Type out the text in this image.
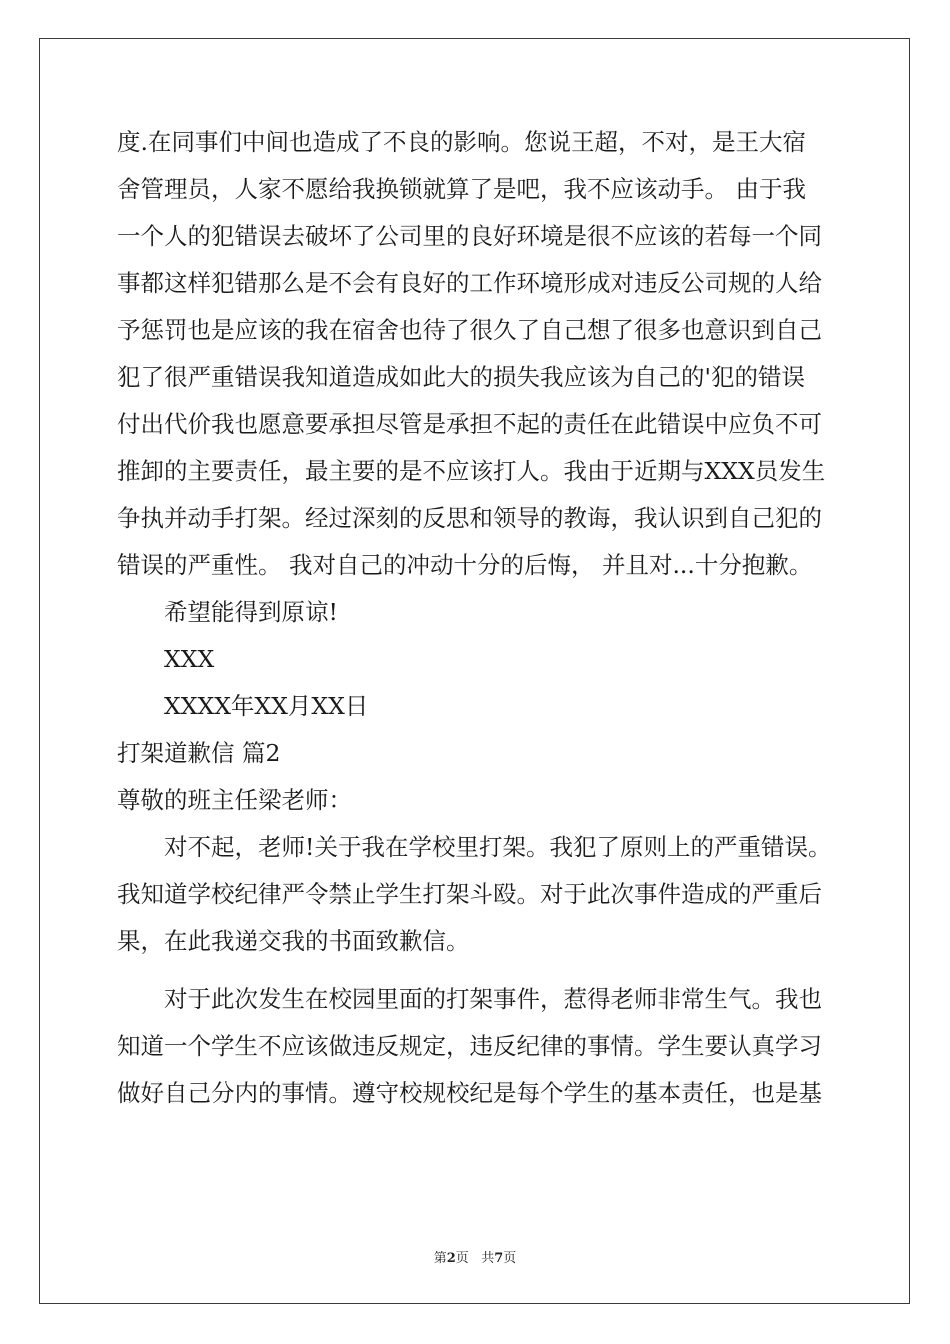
度.在同事们中间也造成了不良的影响。您说王超，不对，是王大宿
舍管理员，人家不愿给我换锁就算了是吧，我不应该动手。 由于我
一个人的犯错误去破坏了公司里的良好环境是很不应该的若每一个同
事都这样犯错那么是不会有良好的工作环境形成对违反公司规的人给
予惩罚也是应该的我在宿舍也待了很久了自己想了很多也意识到自己
犯了很严重错误我知道造成如此大的损失我应该为自己的'犯的错误
付出代价我也愿意要承担尽管是承担不起的责任在此错误中应负不可
推卸的主要责任，最主要的是不应该打人。我由于近期与XXX员发生
争执并动手打架。经过深刻的反思和领导的教诲，我认识到自己犯的
错误的严重性。 我对自己的冲动十分的后悔， 并且对...十分抱歉。
希望能得到原谅!
XXX
XXXX年XX月XX日
打架道歉信 篇2
尊敬的班主任梁老师：
对不起，老师!关于我在学校里打架。我犯了原则上的严重错误。
我知道学校纪律严令禁止学生打架斗殴。对于此次事件造成的严重后
果，在此我递交我的书面致歉信。
对于此次发生在校园里面的打架事件，惹得老师非常生气。我也
知道一个学生不应该做违反规定，违反纪律的事情。学生要认真学习
做好自己分内的事情。遵守校规校纪是每个学生的基本责任，也是基
第2页   共7页
